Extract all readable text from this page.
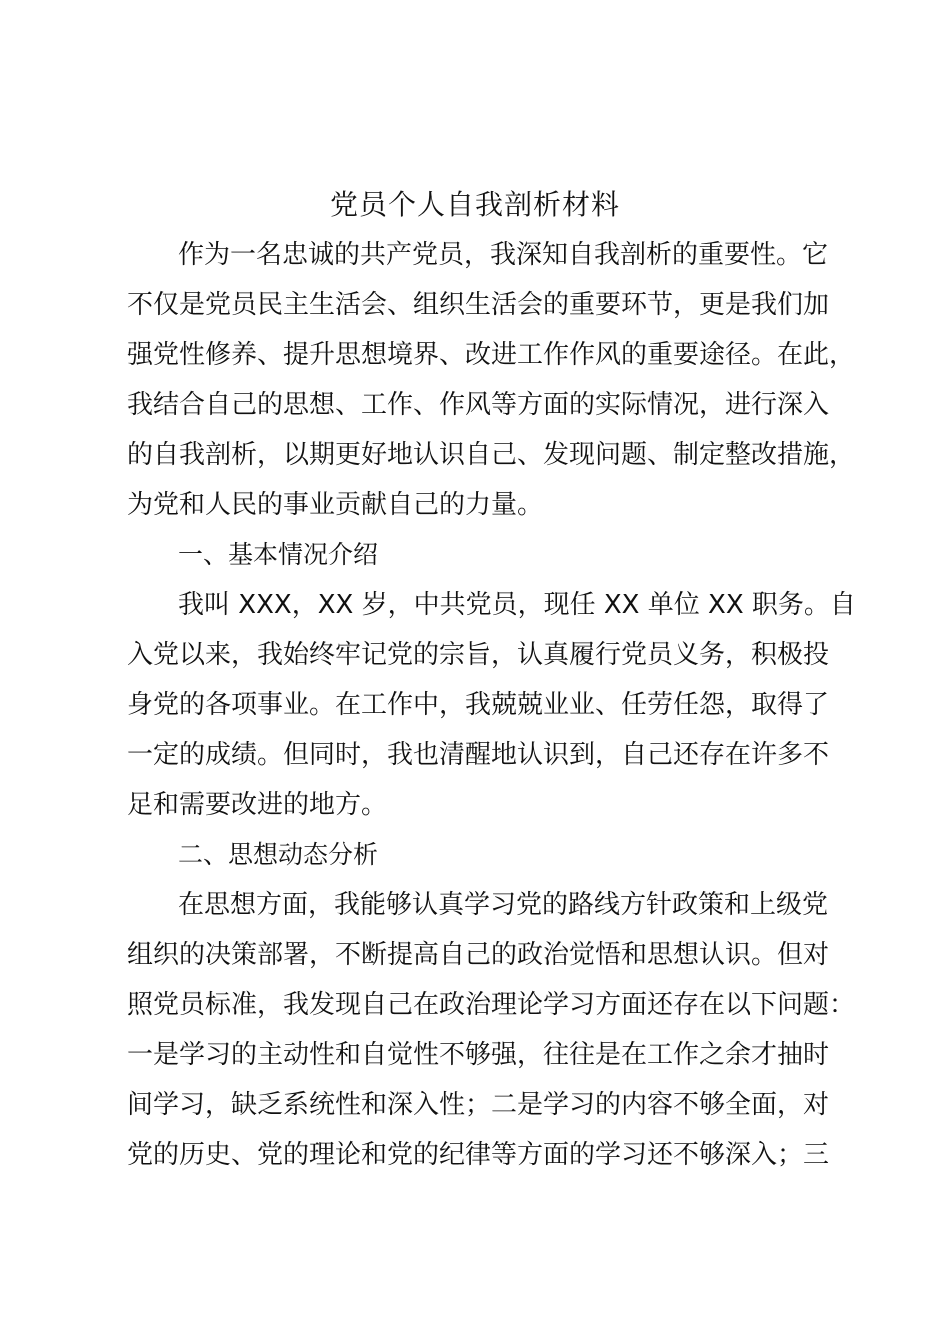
党员个人自我剖析材料
作为一名忠诚的共产党员，我深知自我剖析的重要性。它
不仅是党员民主生活会、组织生活会的重要环节，更是我们加
强党性修养、提升思想境界、改进工作作风的重要途径。在此，
我结合自己的思想、工作、作风等方面的实际情况，进行深入
的自我剖析，以期更好地认识自己、发现问题、制定整改措施，
为党和人民的事业贡献自己的力量。
一、基本情况介绍
我叫 XXX，XX 岁，中共党员，现任 XX 单位 XX 职务。自
入党以来，我始终牢记党的宗旨，认真履行党员义务，积极投
身党的各项事业。在工作中，我兢兢业业、任劳任怨，取得了
一定的成绩。但同时，我也清醒地认识到，自己还存在许多不
足和需要改进的地方。
二、思想动态分析
在思想方面，我能够认真学习党的路线方针政策和上级党
组织的决策部署，不断提高自己的政治觉悟和思想认识。但对
照党员标准，我发现自己在政治理论学习方面还存在以下问题：
一是学习的主动性和自觉性不够强，往往是在工作之余才抽时
间学习，缺乏系统性和深入性；二是学习的内容不够全面，对
党的历史、党的理论和党的纪律等方面的学习还不够深入；三
